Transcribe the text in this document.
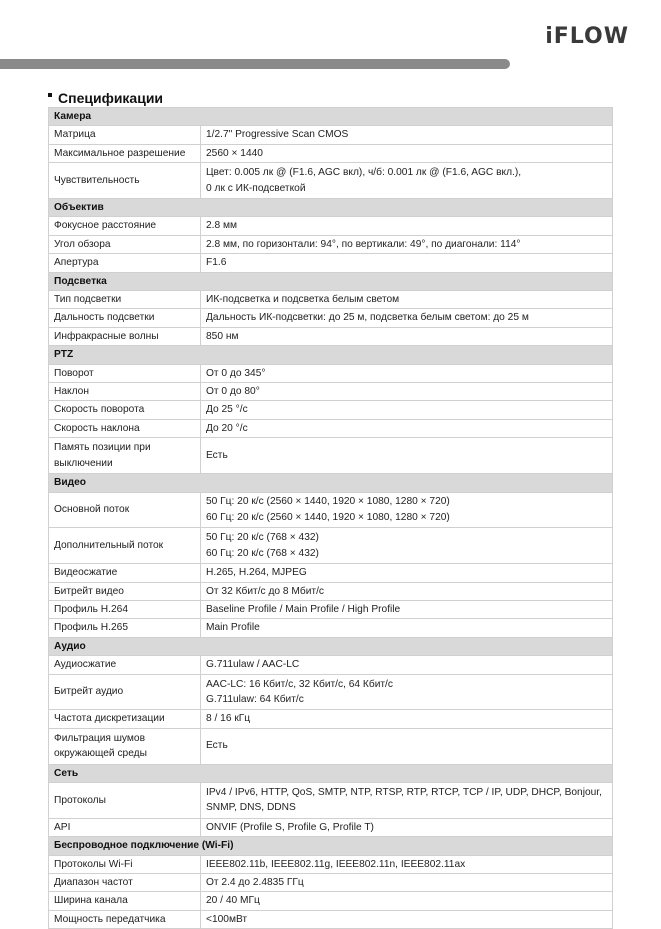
iFLOW
Спецификации
Камера	
Матрица	1/2.7" Progressive Scan CMOS

Максимальное разрешение	2560 × 1440

Чувствительность	Цвет: 0.005 лк @ (F1.6, AGC вкл), ч/б: 0.001 лк @ (F1.6, AGC вкл.),
0 лк с ИК-подсветкой

Объектив	
Фокусное расстояние	2.8 мм

Угол обзора	2.8 мм, по горизонтали: 94°, по вертикали: 49°, по диагонали: 114°

Апертура	F1.6

Подсветка	
Тип подсветки	ИК-подсветка и подсветка белым светом

Дальность подсветки	Дальность ИК-подсветки: до 25 м, подсветка белым светом: до 25 м

Инфракрасные волны	850 нм

PTZ	
Поворот	От 0 до 345°

Наклон	От 0 до 80°

Скорость поворота	До 25 °/с

Скорость наклона	До 20 °/с

Память позиции при выключении	Есть

Видео	
Основной поток	50 Гц: 20 к/с (2560 × 1440, 1920 × 1080, 1280 × 720)
60 Гц: 20 к/с (2560 × 1440, 1920 × 1080, 1280 × 720)

Дополнительный поток	50 Гц: 20 к/с (768 × 432)
60 Гц: 20 к/с (768 × 432)

Видеосжатие	H.265, H.264, MJPEG

Битрейт видео	От 32 Кбит/с до 8 Мбит/с

Профиль H.264	Baseline Profile / Main Profile / High Profile

Профиль H.265	Main Profile

Аудио	
Аудиосжатие	G.711ulaw / AAC-LC

Битрейт аудио	AAC-LC: 16 Кбит/с, 32 Кбит/с, 64 Кбит/с
G.711ulaw: 64 Кбит/с

Частота дискретизации	8 / 16 кГц

Фильтрация шумов окружающей среды	Есть

Сеть	
Протоколы	IPv4 / IPv6, HTTP, QoS, SMTP, NTP, RTSP, RTP, RTCP, TCP / IP, UDP, DHCP, Bonjour,
SNMP, DNS, DDNS

API	ONVIF (Profile S, Profile G, Profile T)

Беспроводное подключение (Wi-Fi)	
Протоколы Wi-Fi	IEEE802.11b, IEEE802.11g, IEEE802.11n, IEEE802.11ax

Диапазон частот	От 2.4 до 2.4835 ГГц

Ширина канала	20 / 40 МГц

Мощность передатчика	<100мВт
